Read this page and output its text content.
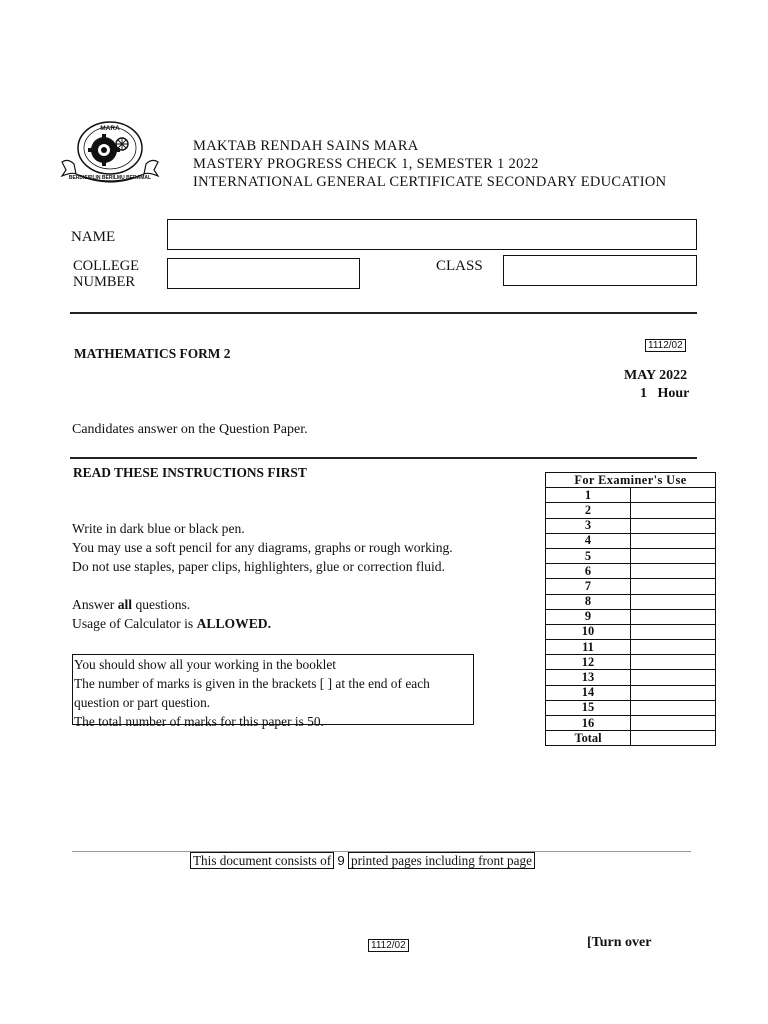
MARA
BERDISIPLIN BERILMU BERAMAL
MAKTAB RENDAH SAINS MARA
MASTERY PROGRESS CHECK 1, SEMESTER 1 2022
INTERNATIONAL GENERAL CERTIFICATE SECONDARY EDUCATION
NAME
COLLEGE
NUMBER
CLASS
1112/02
MATHEMATICS FORM 2
MAY 2022
1   Hour
Candidates answer on the Question Paper.
READ THESE INSTRUCTIONS FIRST
Write in dark blue or black pen.
You may use a soft pencil for any diagrams, graphs or rough working.
Do not use staples, paper clips, highlighters, glue or correction fluid.
Answer all questions.
Usage of Calculator is ALLOWED.
You should show all your working in the booklet
The number of marks is given in the brackets [ ] at the end of each
question or part question.
The total number of marks for this paper is 50.
For Examiner's Use	
1	
2	
3	
4	
5	
6	
7	
8	
9	
10	
11	
12	
13	
14	
15	
16	
Total	
This document consists of 9 printed pages including front page
1112/02	[Turn over
